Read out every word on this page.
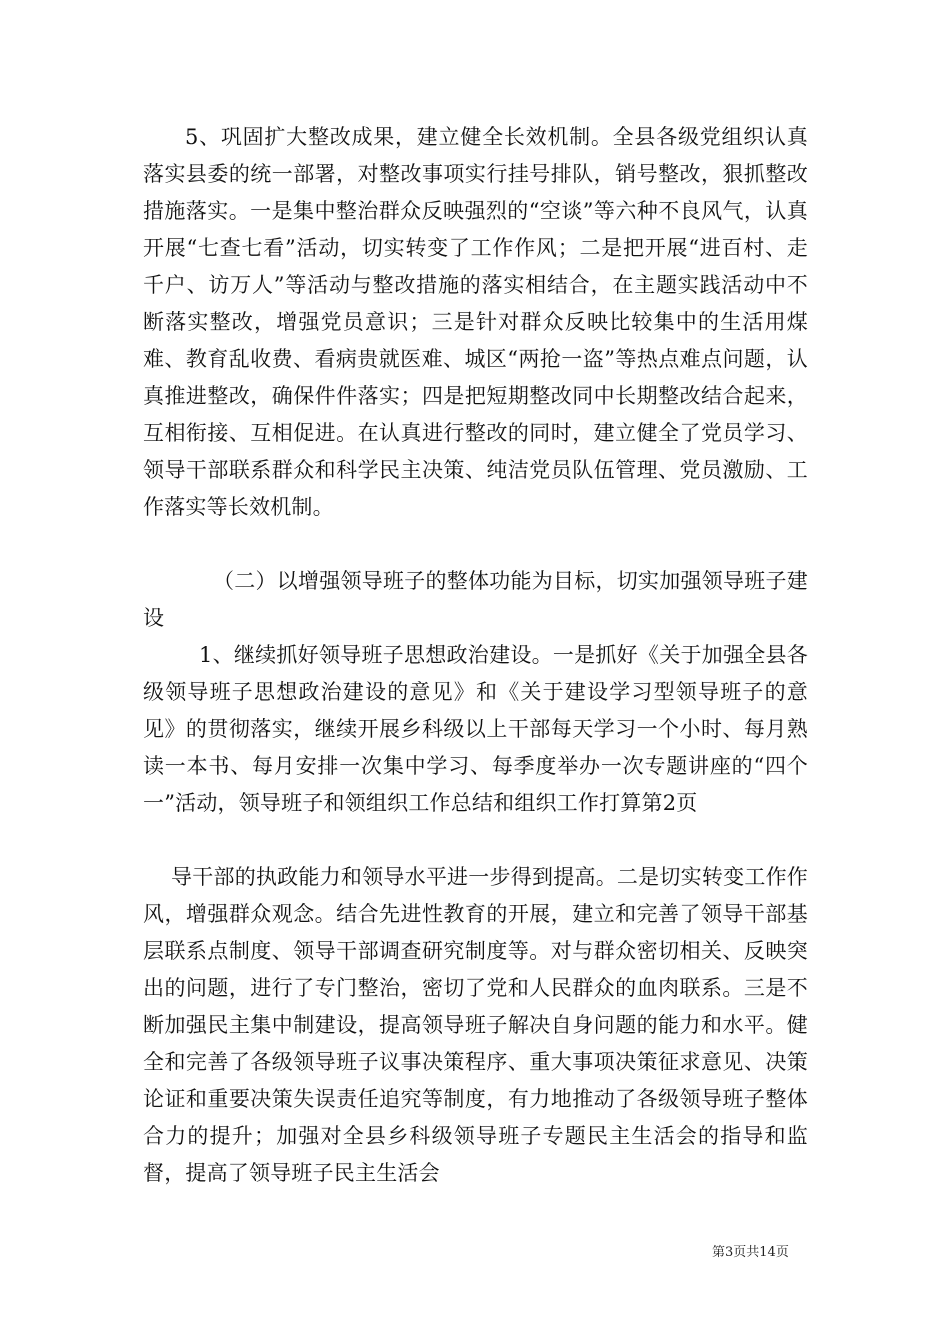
5、巩固扩大整改成果，建立健全长效机制。全县各级党组织认真落实县委的统一部署，对整改事项实行挂号排队，销号整改，狠抓整改措施落实。一是集中整治群众反映强烈的“空谈”等六种不良风气，认真开展“七查七看”活动，切实转变了工作作风；二是把开展“进百村、走千户、访万人”等活动与整改措施的落实相结合，在主题实践活动中不断落实整改，增强党员意识；三是针对群众反映比较集中的生活用煤难、教育乱收费、看病贵就医难、城区“两抢一盗”等热点难点问题，认真推进整改，确保件件落实；四是把短期整改同中长期整改结合起来，互相衔接、互相促进。在认真进行整改的同时，建立健全了党员学习、领导干部联系群众和科学民主决策、纯洁党员队伍管理、党员激励、工作落实等长效机制。
（二）以增强领导班子的整体功能为目标，切实加强领导班子建设
1、继续抓好领导班子思想政治建设。一是抓好《关于加强全县各级领导班子思想政治建设的意见》和《关于建设学习型领导班子的意见》的贯彻落实，继续开展乡科级以上干部每天学习一个小时、每月熟读一本书、每月安排一次集中学习、每季度举办一次专题讲座的“四个一”活动，领导班子和领组织工作总结和组织工作打算第2页
导干部的执政能力和领导水平进一步得到提高。二是切实转变工作作风，增强群众观念。结合先进性教育的开展，建立和完善了领导干部基层联系点制度、领导干部调查研究制度等。对与群众密切相关、反映突出的问题，进行了专门整治，密切了党和人民群众的血肉联系。三是不断加强民主集中制建设，提高领导班子解决自身问题的能力和水平。健全和完善了各级领导班子议事决策程序、重大事项决策征求意见、决策论证和重要决策失误责任追究等制度，有力地推动了各级领导班子整体合力的提升；加强对全县乡科级领导班子专题民主生活会的指导和监督，提高了领导班子民主生活会
第3页共14页
